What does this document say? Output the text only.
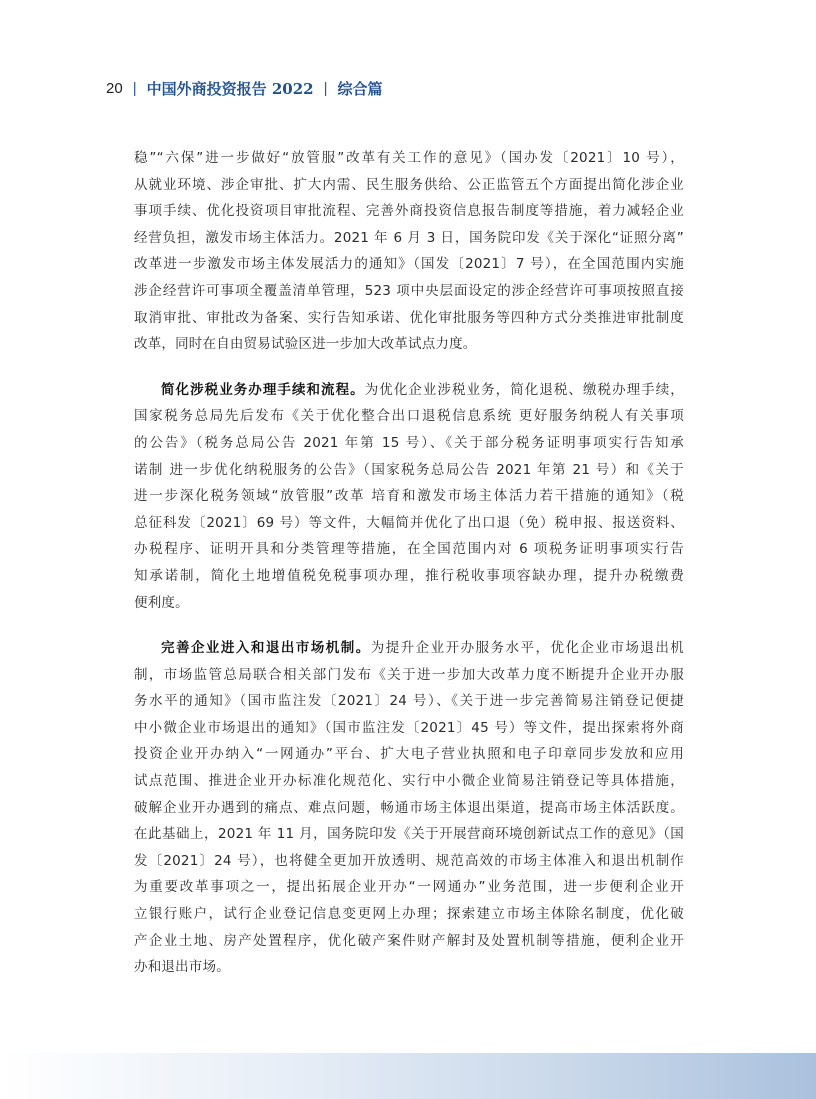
20 | 中国外商投资报告 2022 | 综合篇
稳”“六保”进一步做好“放管服”改革有关工作的意见》（国办发〔2021〕10 号），
从就业环境、涉企审批、扩大内需、民生服务供给、公正监管五个方面提出简化涉企业
事项手续、优化投资项目审批流程、完善外商投资信息报告制度等措施，着力减轻企业
经营负担，激发市场主体活力。2021 年 6 月 3 日，国务院印发《关于深化“证照分离”
改革进一步激发市场主体发展活力的通知》（国发〔2021〕7 号），在全国范围内实施
涉企经营许可事项全覆盖清单管理，523 项中央层面设定的涉企经营许可事项按照直接
取消审批、审批改为备案、实行告知承诺、优化审批服务等四种方式分类推进审批制度
改革，同时在自由贸易试验区进一步加大改革试点力度。
简化涉税业务办理手续和流程。为优化企业涉税业务，简化退税、缴税办理手续，
国家税务总局先后发布《关于优化整合出口退税信息系统 更好服务纳税人有关事项
的公告》（税务总局公告 2021 年第 15 号）、《关于部分税务证明事项实行告知承
诺制 进一步优化纳税服务的公告》（国家税务总局公告 2021 年第 21 号）和《关于
进一步深化税务领域“放管服”改革 培育和激发市场主体活力若干措施的通知》（税
总征科发〔2021〕69 号）等文件，大幅简并优化了出口退（免）税申报、报送资料、
办税程序、证明开具和分类管理等措施，在全国范围内对 6 项税务证明事项实行告
知承诺制，简化土地增值税免税事项办理，推行税收事项容缺办理，提升办税缴费
便利度。
完善企业进入和退出市场机制。为提升企业开办服务水平，优化企业市场退出机
制，市场监管总局联合相关部门发布《关于进一步加大改革力度不断提升企业开办服
务水平的通知》（国市监注发〔2021〕24 号）、《关于进一步完善简易注销登记便捷
中小微企业市场退出的通知》（国市监注发〔2021〕45 号）等文件，提出探索将外商
投资企业开办纳入“一网通办”平台、扩大电子营业执照和电子印章同步发放和应用
试点范围、推进企业开办标准化规范化、实行中小微企业简易注销登记等具体措施，
破解企业开办遇到的痛点、难点问题，畅通市场主体退出渠道，提高市场主体活跃度。
在此基础上，2021 年 11 月，国务院印发《关于开展营商环境创新试点工作的意见》（国
发〔2021〕24 号），也将健全更加开放透明、规范高效的市场主体准入和退出机制作
为重要改革事项之一，提出拓展企业开办“一网通办”业务范围，进一步便利企业开
立银行账户，试行企业登记信息变更网上办理；探索建立市场主体除名制度，优化破
产企业土地、房产处置程序，优化破产案件财产解封及处置机制等措施，便利企业开
办和退出市场。
